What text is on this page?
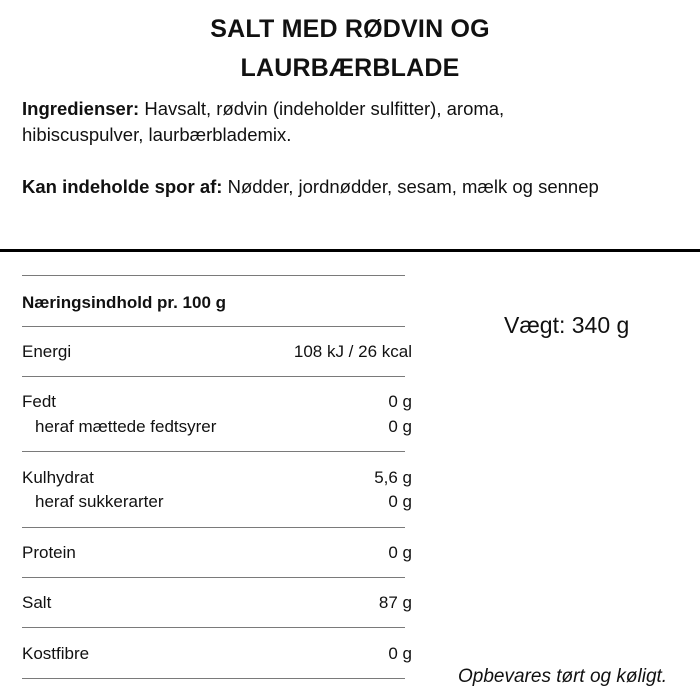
SALT MED RØDVIN OG
LAURBÆRBLADE
Ingredienser: Havsalt, rødvin (indeholder sulfitter), aroma,
hibiscuspulver, laurbærblademix.
Kan indeholde spor af: Nødder, jordnødder, sesam, mælk og sennep
Næringsindhold pr. 100 g
Energi	108 kJ / 26 kcal
Fedt	0 g
heraf mættede fedtsyrer	0 g
Kulhydrat	5,6 g
heraf sukkerarter	0 g
Protein	0 g
Salt	87 g
Kostfibre	0 g
Vægt: 340 g
Opbevares tørt og køligt.
